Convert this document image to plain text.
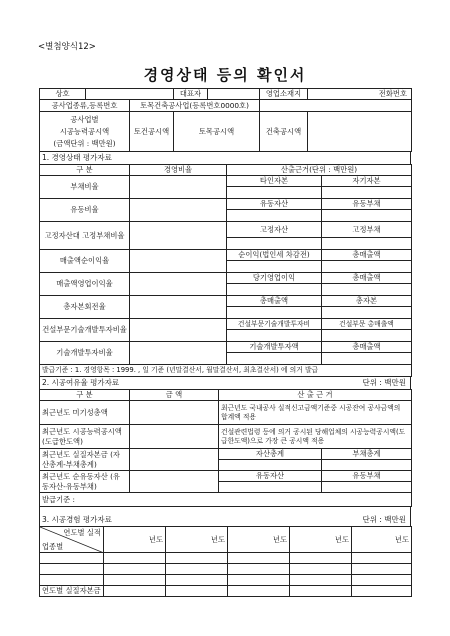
<별첨양식12>
경영상태 등의 확인서
상호			대표자		영업소재지	전화번호

공사업종류,등록번호		토목건축공사업(등록번호0000호)				

공사업별
시공능력공시액
(금액단위 : 백만원)		토건공시액	토목공시액		건축공시액	
1. 경영상태 평가자료
구 분	경영비율	산출근거(단위 : 백만원)	
부채비율		타인자본	자기자본

유동비율		유동자산	유동부채

고정자산대 고정부채비율		고정자산	고정부채

매출액순이익율		순이익(법인세 차감전)	총매출액

매출액영업이익율		당기영업이익	총매출액

총자본회전율		총매출액	총자본

건설부문기술개발투자비율		건설부문기술개발투자비	건설부문 총매출액

기술개발투자비율		기술개발투자액	총매출액

발급기준 : 1. 경영항목 : 1999. , 일 기준 (년말결산서, 월말결산서, 최초결산서) 에 의거 발급			
2. 시공여유율 평가자료	단위 : 백만원
구 분	금 액	산 출 근 거	
최근년도 미기성총액		최근년도 국내공사 실적신고금액기준중 시공잔여 공사금액의 합계액 적용	
최근년도 시공능력공시액(도급한도액)		건설관련법령 등에 의거 공시된 당해업체의 시공능력공시액(도급한도액)으로 가장 큰 공시액 적용	
최근년도 실질자본금 (자산총계-부채총계)		자산총계	부채총계

최근년도 순유동자산 (유동자산-유동부채)		유동자산	유동부채

발급기준 :			
3. 시공경험 평가자료	단위 : 백만원
연도별 실적
업종별	년도	년도	년도	년도	년도

연도별 실질자본금					
